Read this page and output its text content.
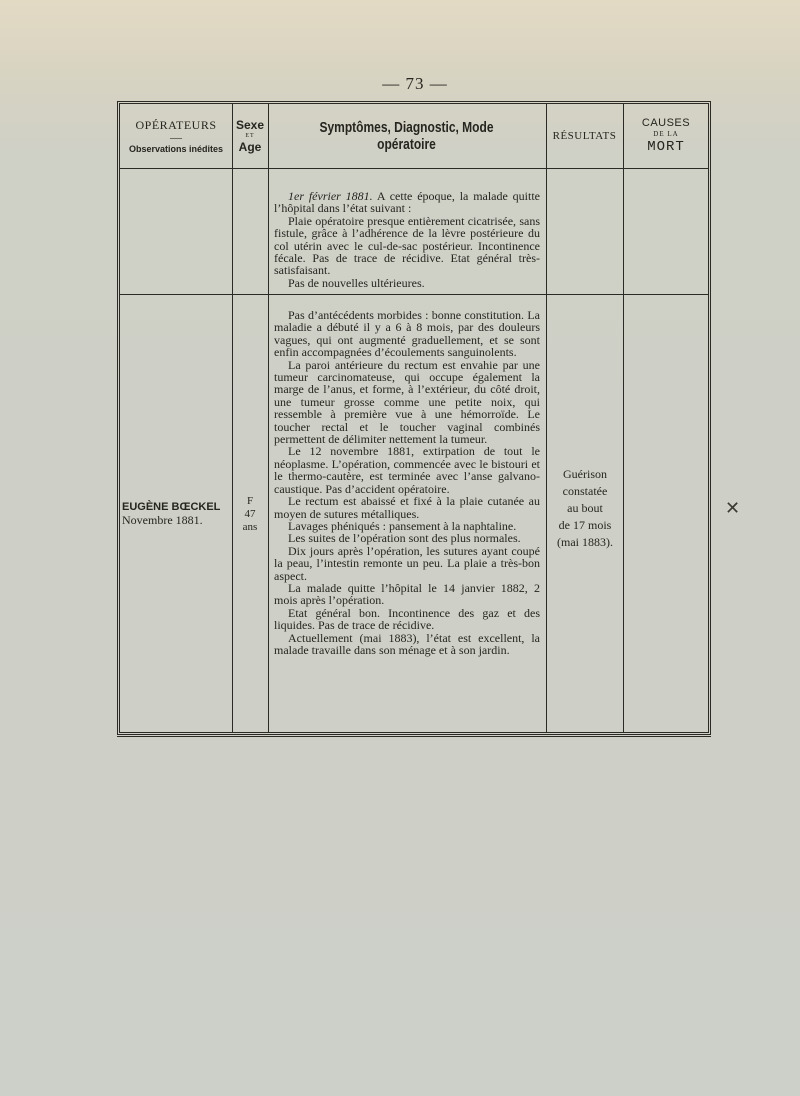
— 73 —
OPÉRATEURS
—
Observations inédites
Sexe
ET
Age
Symptômes, Diagnostic, Mode opératoire	RÉSULTATS
CAUSES
DE LA
MORT

1er février 1881. A cette époque, la malade quitte l’hôpital dans l’état suivant :

Plaie opératoire presque entièrement cicatrisée, sans fistule, grâce à l’adhérence de la lèvre postérieure du col utérin avec le cul-de-sac postérieur. Incontinence fécale. Pas de trace de récidive. Etat général très-satisfaisant.

Pas de nouvelles ultérieures.

EUGÈNE BŒCKEL
Novembre 1881.
F
47
ans

Pas d’antécédents morbides : bonne constitution. La maladie a débuté il y a 6 à 8 mois, par des douleurs vagues, qui ont augmenté graduellement, et se sont enfin accompagnées d’écoulements sanguinolents.

La paroi antérieure du rectum est envahie par une tumeur carcinomateuse, qui occupe également la marge de l’anus, et forme, à l’extérieur, du côté droit, une tumeur grosse comme une petite noix, qui ressemble à première vue à une hémorroïde. Le toucher rectal et le toucher vaginal combinés permettent de délimiter nettement la tumeur.

Le 12 novembre 1881, extirpation de tout le néoplasme. L’opération, commencée avec le bistouri et le thermo-cautère, est terminée avec l’anse galvano-caustique. Pas d’accident opératoire.

Le rectum est abaissé et fixé à la plaie cutanée au moyen de sutures métalliques.

Lavages phéniqués : pansement à la naphtaline.

Les suites de l’opération sont des plus normales.

Dix jours après l’opération, les sutures ayant coupé la peau, l’intestin remonte un peu. La plaie a très-bon aspect.

La malade quitte l’hôpital le 14 janvier 1882, 2 mois après l’opération.

Etat général bon. Incontinence des gaz et des liquides. Pas de trace de récidive.

Actuellement (mai 1883), l’état est excellent, la malade travaille dans son ménage et à son jardin.

Guérison
constatée
au bout
de 17 mois
(mai 1883).
✕
